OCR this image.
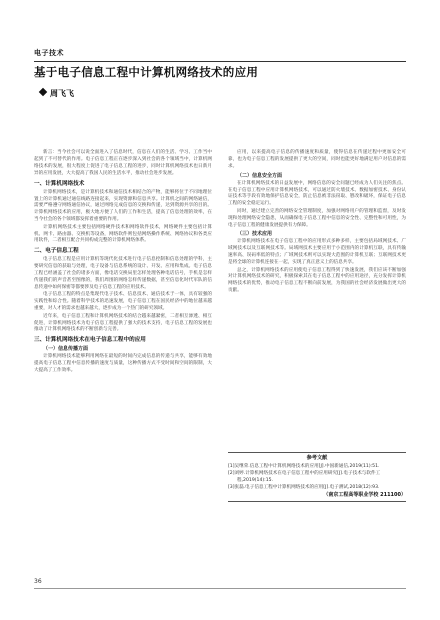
电子技术
基于电子信息工程中计算机网络技术的应用
周飞飞

新言：当今社会可以说全面进入了信息时代，信息在人们的生活、学习、工作当中起到了不可替代的作用。电子信息工程正在逐步深入到社会的各个领域当中，计算机网络技术的发展，很大程度上促进了电子信息工程的进步，同时计算机网络技术也日新月异的应用发展，大大提高了我国人民的生活水平，推动社会进步发展。

一、计算机网络技术

计算机网络技术，是计算机技术和通信技术相结合的产物，能够将位于不同地理位置上的计算机通过通信线路连接起来，实现资源和信息共享。计算机之间的网络通信，需要严格遵守网络通信协议，通过网络完成信息的交换和传递，达到资源共享的目的。计算机网络技术的应用，极大地方便了人们的工作和生活，提高了信息处理的效率，在当今社会的各个领域都发挥着重要的作用。

计算机网络技术主要包括网络硬件技术和网络软件技术，网络硬件主要包括计算机、网卡、路由器、交换机等设备，网络软件则包括网络操作系统、网络协议和各类应用软件，二者相互配合共同构成完整的计算机网络体系。

二、电子信息工程

电子信息工程是应用计算机等现代化技术进行电子信息控制和信息处理的学科，主要研究信息的获取与处理，电子设备与信息系统的设计、开发、应用和集成。电子信息工程已经涵盖了社会的诸多方面，像电话交换局里怎样处理各种电话信号，手机是怎样传递我们的声音甚至图像的，我们周围的网络怎样传递数据，甚至信息化时代军队的信息传递中如何保密等都要涉及电子信息工程的应用技术。

电子信息工程的特点是集现代电子技术、信息技术、通信技术于一体，具有较强的实践性和综合性。随着科学技术的迅速发展，电子信息工程在国民经济中的地位越来越重要，对人才的需求也越来越大，逐步成为一个热门的研究领域。

近年来，电子信息工程和计算机网络技术的结合越来越紧密，二者相互渗透、相互促进，计算机网络技术为电子信息工程提供了强大的技术支持，电子信息工程的发展也推动了计算机网络技术的不断创新与完善。

三、计算机网络技术在电子信息工程中的应用
（一）信息传播方面

计算机网络技术能够利用网络在最短的时间内完成信息的传递与共享，能够有效地提高电子信息工程中信息传播的速度与质量，这种传播方式不受时间和空间的限制，大大提高了工作效率。

应用，以来提高电子信息的传播速度和质量，使得信息在传递过程中更加安全可靠，也为电子信息工程的发展提供了更大的空间，同时也能更好地满足用户对信息的需求。

（二）信息安全方面

在计算机网络技术的日益发展中，网络信息的安全问题已经成为人们关注的焦点。在电子信息工程中应用计算机网络技术，可以通过防火墙技术、数据加密技术、身份认证技术等手段有效地保护信息安全，防止信息被非法窃取、篡改和破坏，保证电子信息工程的安全稳定运行。

同时，通过建立完善的网络安全管理制度，加强对网络用户的管理和监督，及时发现和处理网络安全隐患，从而确保电子信息工程中信息的安全性、完整性和可用性，为电子信息工程的健康发展提供有力保障。

（三）技术应用

计算机网络技术在电子信息工程中的应用形式多种多样，主要包括局域网技术、广域网技术以及互联网技术等。局域网技术主要应用于小范围内的计算机互联，具有传输速率高、误码率低的特点；广域网技术则可以实现大范围的计算机互联；互联网技术更是将全球的计算机连接在一起，实现了真正意义上的信息共享。

总之，计算机网络技术的应用使电子信息工程得到了快速发展，我们应该不断加强对计算机网络技术的研究，积极探索其在电子信息工程中的应用途径，充分发挥计算机网络技术的优势，推动电子信息工程不断向前发展，为我国的社会经济发展做出更大的贡献。

参考文献
[1]吴继荣.信息工程中计算机网络技术的应用[J].中国新通信,2019(11):51.
[2]刘婷.计算机网络技术在电子信息工程中的应用研究[J].电子技术与软件工程,2019(14):15.
[3]张磊.电子信息工程中计算机网络技术的应用[J].电子测试,2018(12):93.
（南京工程高等职业学校 211100）
36
